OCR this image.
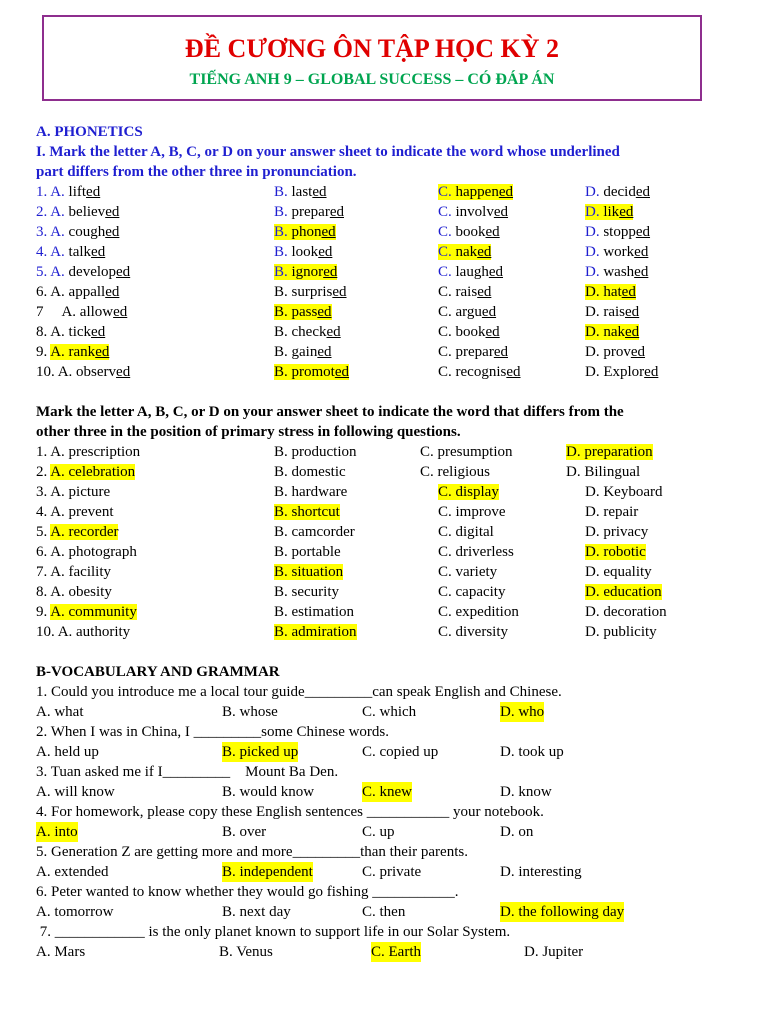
ĐỀ CƯƠNG ÔN TẬP HỌC KỲ 2
TIẾNG ANH 9 – GLOBAL SUCCESS – CÓ ĐÁP ÁN
A. PHONETICS
I. Mark the letter A, B, C, or D on your answer sheet to indicate the word whose underlined
part differs from the other three in pronunciation.
1. A. lifted	B. lasted	C. happened	D. decided
2. A. believed	B. prepared	C. involved	D. liked
3. A. coughed	B. phoned	C. booked	D. stopped
4. A. talked	B. looked	C. naked	D. worked
5. A. developed	B. ignored	C. laughed	D. washed
6. A. appalled	B. surprised	C. raised	D. hated
7     A. allowed	B. passed	C. argued	D. raised
8. A. ticked	B. checked	C. booked	D. naked
9. A. ranked	B. gained	C. prepared	D. proved
10. A. observed	B. promoted	C. recognised	D. Explored
Mark the letter A, B, C, or D on your answer sheet to indicate the word that differs from the
other three in the position of primary stress in following questions.
1. A. prescription	B. production	C. presumption	D. preparation
2. A. celebration	B. domestic	C. religious	D. Bilingual
3. A. picture	B. hardware	C. display	D. Keyboard
4. A. prevent	B. shortcut	C. improve	D. repair
5. A. recorder	B. camcorder	C. digital	D. privacy
6. A. photograph	B. portable	C. driverless	D. robotic
7. A. facility	B. situation	C. variety	D. equality
8. A. obesity	B. security	C. capacity	D. education
9. A. community	B. estimation	C. expedition	D. decoration
10. A. authority	B. admiration	C. diversity	D. publicity
B-VOCABULARY AND GRAMMAR
1. Could you introduce me a local tour guide_________can speak English and Chinese.
A. what	B. whose	C. which	D. who
2. When I was in China, I _________some Chinese words.
A. held up	B. picked up	C. copied up	D. took up
3. Tuan asked me if I_________    Mount Ba Den.
A. will know	B. would know	C. knew	D. know
4. For homework, please copy these English sentences ___________ your notebook.
A. into	B. over	C. up	D. on
5. Generation Z are getting more and more_________than their parents.
A. extended	B. independent	C. private	D. interesting
6. Peter wanted to know whether they would go fishing ___________.
A. tomorrow	B. next day	C. then	D. the following day
7. ____________ is the only planet known to support life in our Solar System.
A. Mars	B. Venus	C. Earth	D. Jupiter
